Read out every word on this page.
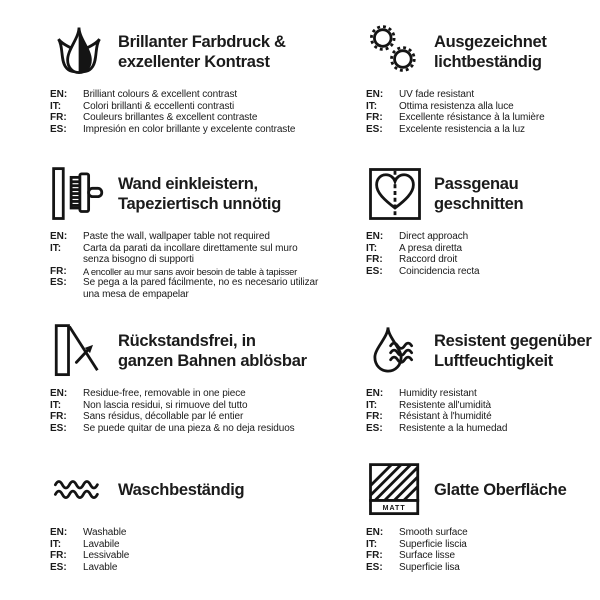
Brillanter Farbdruck &
exzellenter Kontrast
EN:	Brilliant colours & excellent contrast
IT:	Colori brillanti & eccellenti contrasti
FR:	Couleurs brillantes & excellent contraste
ES:	Impresión en color brillante y excelente contraste
Ausgezeichnet
lichtbeständig
EN:	UV fade resistant
IT:	Ottima resistenza alla luce
FR:	Excellente résistance à la lumière
ES:	Excelente resistencia a la luz
Wand einkleistern,
Tapeziertisch unnötig
EN:	Paste the wall, wallpaper table not required
IT:	Carta da parati da incollare direttamente sul muro senza bisogno di supporti
FR:	A encoller au mur sans avoir besoin de table à tapisser
ES:	Se pega a la pared fácilmente, no es necesario utilizar una mesa de empapelar
Passgenau
geschnitten
EN:	Direct approach
IT:	A presa diretta
FR:	Raccord droit
ES:	Coincidencia recta
Rückstandsfrei, in
ganzen Bahnen ablösbar
EN:	Residue-free, removable in one piece
IT:	Non lascia residui, si rimuove del tutto
FR:	Sans résidus, décollable par lé entier
ES:	Se puede quitar de una pieza & no deja residuos
Resistent gegenüber
Luftfeuchtigkeit
EN:	Humidity resistant
IT:	Resistente all'umidità
FR:	Résistant à l'humidité
ES:	Resistente a la humedad
Waschbeständig
EN:	Washable
IT:	Lavabile
FR:	Lessivable
ES:	Lavable
MATT
Glatte Oberfläche
EN:	Smooth surface
IT:	Superficie liscia
FR:	Surface lisse
ES:	Superficie lisa
